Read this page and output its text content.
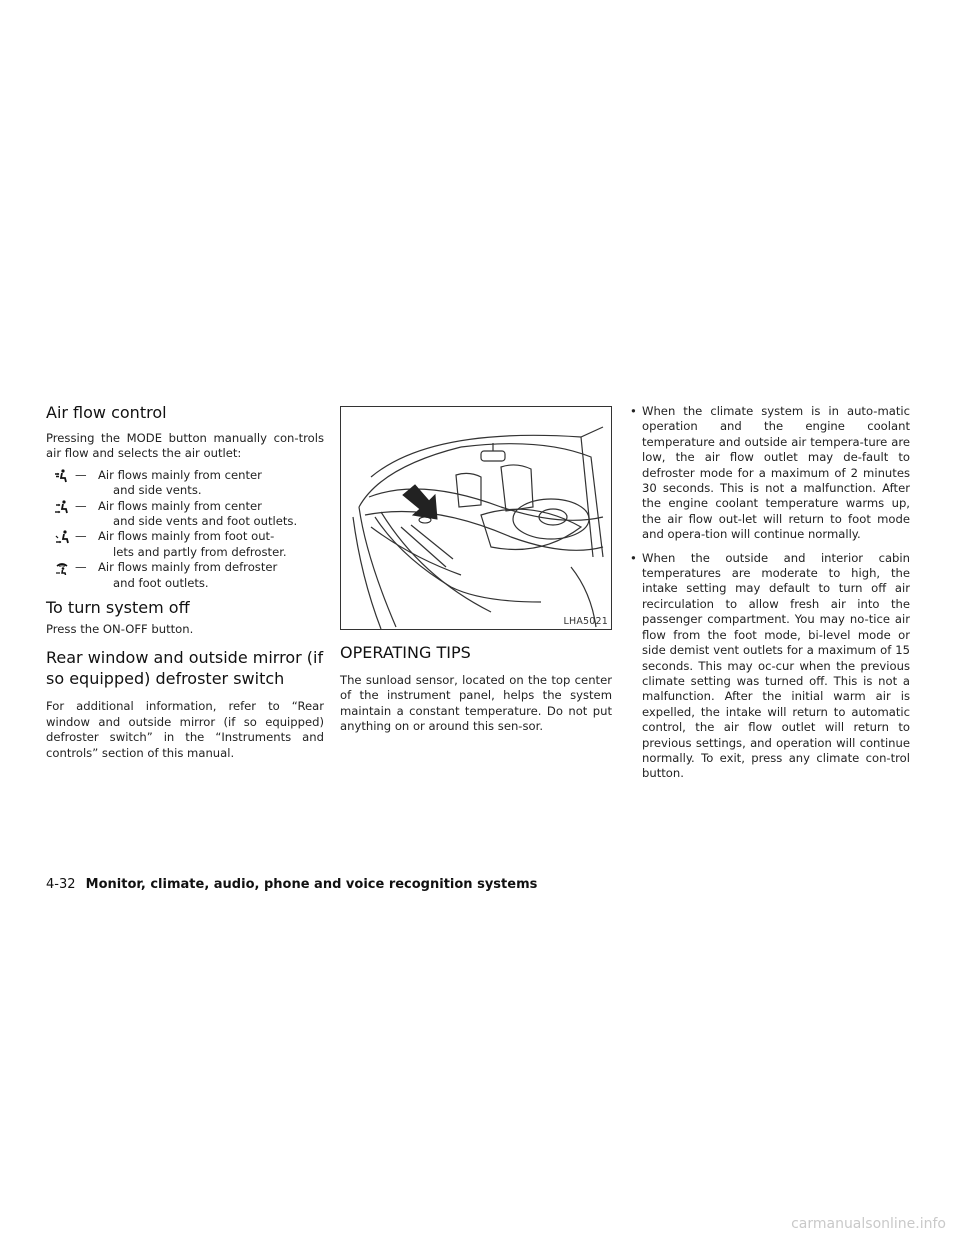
Air flow control

Pressing the MODE button manually con-trols air flow and selects the air outlet:

— Air flows mainly from center
and side vents.
— Air flows mainly from center
and side vents and foot outlets.
— Air flows mainly from foot out-
lets and partly from defroster.
— Air flows mainly from defroster
and foot outlets.
To turn system off

Press the ON-OFF button.

Rear window and outside mirror (if so equipped) defroster switch

For additional information, refer to “Rear window and outside mirror (if so equipped) defroster switch” in the “Instruments and controls” section of this manual.

LHA5021
OPERATING TIPS

The sunload sensor, located on the top center of the instrument panel, helps the system maintain a constant temperature. Do not put anything on or around this sen-sor.

• When the climate system is in auto-matic operation and the engine coolant temperature and outside air tempera-ture are low, the air flow outlet may de-fault to defroster mode for a maximum of 2 minutes 30 seconds. This is not a malfunction. After the engine coolant temperature warms up, the air flow out-let will return to foot mode and opera-tion will continue normally.
• When the outside and interior cabin temperatures are moderate to high, the intake setting may default to turn off air recirculation to allow fresh air into the passenger compartment. You may no-tice air flow from the foot mode, bi-level mode or side demist vent outlets for a maximum of 15 seconds. This may oc-cur when the previous climate setting was turned off. This is not a malfunction. After the initial warm air is expelled, the intake will return to automatic control, the air flow outlet will return to previous settings, and operation will continue normally. To exit, press any climate con-trol button.
4-32 Monitor, climate, audio, phone and voice recognition systems
carmanualsonline.info
